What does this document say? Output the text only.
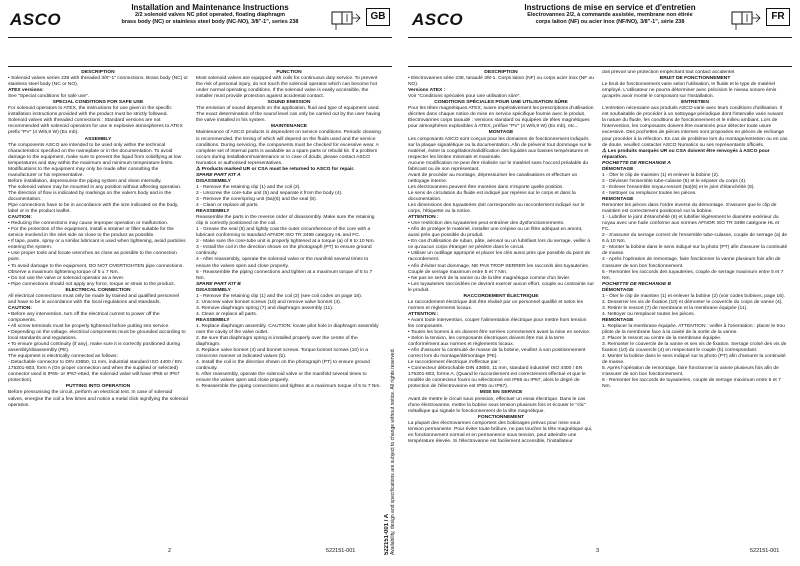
ASCO
Installation and Maintenance Instructions
2/2 solenoid valves NC pilot operated, floating diaphragm
brass body (NC) or stainless steel body (NC-NO), 3/8"-1", series 238	GB

DESCRIPTION

• Solenoid valves series 238 with threaded 3/8"-1" connections. Brass body (NC) or stainless steel body (NC or NO).

ATEX versions:

See "Special conditions for safe use".

SPECIAL CONDITIONS FOR SAFE USE

For solenoid operators to ATEX, the instructions for use given in the specific installation instructions provided with the product must be strictly followed.

Solenoid valves with threaded connections : Standard versions are not recommended with solenoid operators for use in explosive atmospheres to ATEX prefix "PV" (4 W/6,9 W) (Ex mb).

ASSEMBLY

The components ASCO are intended to be used only within the technical characteristics specified on the nameplate or in the documentation. To avoid damage to the equipment, make sure to prevent the liquid from solidifying at low temperatures and stay within the maximum and minimum temperature limits. Modifications to the equipment may only be made after consulting the manufacturer or his representative.

Before installation, depressurise the piping system and clean internally.

The solenoid valves may be mounted in any position without affecting operation.

The direction of flow is indicated by markings on the valve's body and in the documentation.

Pipe connections have to be in accordance with the size indicated on the body, label or in the product leaflet.

CAUTION:

• Reducing the connections may cause improper operation or malfunction.

• For the protection of the equipment, install a strainer or filter suitable for the service involved in the inlet side as close to the product as possible.

• If tape, paste, spray or a similar lubricant is used when tightening, avoid particles entering the system.

• Use proper tools and locate wrenches as close as possible to the connection point.

• To avoid damage to the equipment, DO NOT OVERTIGHTEN pipe connections. Observe a maximum tightening torque of 5 ± 7 Nm.

• Do not use the valve or solenoid operator as a lever.

• Pipe connections should not apply any force, torque or strain to the product.

ELECTRICAL CONNECTION

All electrical connections must only be made by trained and qualified personnel and have to be in accordance with the local regulations and standards.

CAUTION:

• Before any intervention, turn off the electrical current to power off the components.

• All screw terminals must be properly tightened before putting into service.

• Depending on the voltage, electrical components must be grounded according to local standards and regulations.

• To ensure ground continuity (if any), make sure it is correctly positioned during assembly/disassembly (PE).

The equipment is electrically connected as follows:

- Detachable connector to DIN 43650, 11 mm, industrial standard ISO 4400 / EN 175301-803, form A (On proper connection and when the supplied or selected) connector used is IP65- or IP67-etted, the solenoid valve will have IP65 or IP67 protection).

PUTTING INTO OPERATION

Before pressurising the circuit, perform an electrical test. In case of solenoid valves, energise the coil a few times and notice a metal click signifying the solenoid operation.

FUNCTION

Most solenoid valves are equipped with coils for continuous duty service. To prevent the risk of personal injury, do not touch the solenoid operator which can become hot under normal operating conditions. If the solenoid valve is easily accessible, the installer must provide protection against accidental contact.

SOUND EMISSION

The emission of sound depends on the application, fluid and type of equipment used. The exact determination of the sound level can only be carried out by the user having the valve installed in his system.

MAINTENANCE

Maintenance of ASCO products is dependent on service conditions. Periodic cleaning is recommended, the timing of which will depend on the fluids used and the service conditions. During servicing, the components must be checked for excessive wear. A complete set of internal parts is available as a spare parts or rebuild kit. If a problem occurs during installation/maintenance or in case of doubt, please contact ASCO Numatics or authorised representatives.

⚠ Products marked UR or CSA must be returned to ASCO for repair.

SPARE PART KIT A

DISASSEMBLY

1 - Remove the retaining clip (1) and the coil (2).

2 - Unscrew the core-tube unit (5) and separate it from the body (4).

3 - Remove the core/spring unit (5a)(6) and the seal (8).

4 - Clean or replace all parts.

REASSEMBLY

Reassemble the parts in the reverse order of disassembly. Make sure the retaining clip is correctly positioned on the coil.

1 - Grease the seal (8) and lightly coat the outer circumference of the core with a lubricant conforming to standard AFNOR ISO TR 3498 category HL and FC.

2 - Make sure the core-tube unit is properly tightened at a torque (a) of 6 to 10 Nm.

3 - Install the coil in the direction shown on the photograph (PT) to ensure ground continuity.

4 - After reassembly, operate the solenoid valve or the manifold several times to ensure the valves open and close properly.

5 - Reassemble the piping connections and tighten at a maximum torque of 5 to 7 Nm.

SPARE PART KIT B

DISASSEMBLY

1 - Remove the retaining clip (1) and the coil (2) (see coil codes on page 16).

2. Unscrew valve bonnet screws (10) and remove valve bonnet (4).

3. Remove diaphragm spring (7) and diaphragm assembly (11).

4. Clean or replace all parts.

REASSEMBLY

1. Replace diaphragm assembly. CAUTION: locate pilot hole in diaphragm assembly over the cavity of the valve outlet.

2. Be sure that diaphragm spring is installed properly over the centre of the diaphragm.

3. Replace valve bonnet (4) and bonnet screws. Torque bonnet screws (10) in a crisscross manner at indicated values (b).

4. Install the coil in the direction shown on the photograph (PT) to ensure ground continuity.

5. After reassembly, operate the solenoid valve or the manifold several times to ensure the valves open and close properly.

6. Reassemble the piping connections and tighten at a maximum torque of 5 to 7 Nm.

522151-001 / A
Availability, design and specifications are subject to change without notice. All rights reserved.
2	522151-001
ASCO
Instructions de mise en service et d'entretien
Electrovannes 2/2, à commande assistée, membrane non étirée
corps laiton (NF) ou acier inox (NF/NO), 3/8"-1", série 238	FR

DESCRIPTION

• Electrovannes série 238, taraudé 3/8-1. Corps laiton (NF) ou corps acier inox (NF ou NO).

Versions ATEX :

Voir "Conditions spéciales pour une utilisation sûre".

CONDITIONS SPÉCIALES POUR UNE UTILISATION SÛRE

Pour les têtes magnétiques ATEX, suivre impérativement les prescriptions d'utilisation décrites dans chaque notice de mise en service spécifique fournie avec le produit.

Electrovannes corps taraudé : Versions standard ou équipées de têtes magnétiques pour atmosphères explosibles à ATEX, préfixe "PV" (4 W/6,9 W) (Ex mb), etc...

MONTAGE

Les composants ASCO sont conçus pour les domaines de fonctionnement indiqués sur la plaque signalétique ou la documentation. Afin de prévenir tout dommage sur le matériel, éviter la congélation/solidification des liquides aux basses températures et respecter les limites minimale et maximale.

Aucune modification ne peut être réalisée sur le matériel sans l'accord préalable du fabricant ou de son représentant.

Avant de procéder au montage, dépressuriser les canalisations et effectuer un nettoyage interne.

Les électrovannes peuvent être montées dans n'importe quelle position.

Le sens de circulation du fluide est indiqué par repères sur le corps et dans la documentation.

Les dimensions des tuyauteries doit correspondre au raccordement indiqué sur le corps, l'étiquette ou la notice.

ATTENTION :

• Une restriction des tuyauteries peut entraîner des dysfonctionnements.

• Afin de protéger le matériel, installer une crépine ou un filtre adéquat en amont, aussi près que possible du produit.

• En cas d'utilisation de ruban, pâte, aérosol ou un lubrifiant lors du serrage, veiller à ce qu'aucun corps étranger ne pénètre dans le circuit.

• Utiliser un outillage approprié et placer les clés aussi près que possible du point de raccordement.

• Afin d'éviter tout dommage, NE PAS TROP SERRER les raccords des tuyauteries. Couple de serrage maximum entre 5 et 7 Nm.

• Ne pas se servir de la vanne ou de la tête magnétique comme d'un levier.

• Les tuyauteries raccordées ne devront exercer aucun effort, couple ou contrainte sur le produit.

RACCORDEMENT ÉLECTRIQUE

Le raccordement électrique doit être réalisé par un personnel qualifié et selon les normes et règlements locaux.

ATTENTION :

• Avant toute intervention, couper l'alimentation électrique pour mettre hors tension les composants.

• Toutes les bornes à vis doivent être serrées correctement avant la mise en service.

• Selon la tension, les composants électriques doivent être mis à la terre conformément aux normes et règlements locaux.

• Afin d'assurer la continuité de masse de la bobine, veuillez à son positionnement correct lors du montage/démontage (PE).

Le raccordement électrique s'effectue par :

• Connecteur débrochable DIN 43650, 11 mm, standard industriel ISO 4400 / EN 175301-803, forme A. (Quand le raccordement est correctement effectué et que le modèle de connecteur fourni ou sélectionné est IP65 ou IP67, alors le degré de protection de l'électrovanne est IP65 ou IP67).

MISE EN SERVICE

Avant de mettre le circuit sous pression, effectuer un essai électrique. Dans le cas d'une électrovanne, mettre la bobine sous tension plusieurs fois et écouter le "clic" métallique qui signale le fonctionnement de la tête magnétique.

FONCTIONNEMENT

La plupart des électrovannes comportent des bobinages prévus pour mise sous tension permanente. Pour éviter toute brûlure, ne pas toucher la tête magnétique qui, en fonctionnement normal et en permanence sous tension, peut atteindre une température élevée. Si l'électrovanne est facilement accessible, l'installateur

doit prévoir une protection empêchant tout contact accidentel.

BRUIT DE FONCTIONNEMENT

Le bruit de fonctionnement varie selon l'utilisation, le fluide et le type de matériel employé. L'utilisateur ne pourra déterminer avec précision le niveau sonore émis qu'après avoir monté le composant sur l'installation.

ENTRETIEN

L'entretien nécessaire aux produits ASCO varie avec leurs conditions d'utilisation. Il est souhaitable de procéder à un nettoyage périodique dont l'intervalle varie suivant la nature du fluide, les conditions de fonctionnement et le milieu ambiant. Lors de l'intervention, les composants doivent être examinés pour détecter toute usure excessive. Des pochettes de pièces internes sont proposées en pièces de rechange pour procéder à la réfection. En cas de problème lors du montage/entretien ou en cas de doute, veuillez contacter ASCO Numatics ou ses représentants officiels.

⚠ Les produits marqués UR ou CSA doivent être renvoyés à ASCO pour réparation.

POCHETTE DE RECHANGE A

DÉMONTAGE

1 - Ôter le clip de maintien (1) et enlever la bobine (2).

2 - Dévisser l'ensemble tube-culasse (5) et le séparer du corps (4).

3 - Enlever l'ensemble noyau-ressort (5a)(6) et le joint d'étanchéité (8).

4 - Nettoyer ou remplacer toutes les pièces.

REMONTAGE

Remonter les pièces dans l'ordre inverse du démontage. S'assurer que le clip de maintien est correctement positionné sur la bobine.

1 - Lubrifier le joint d'étanchéité (8) et lubrifier légèrement le diamètre extérieur du noyau avec une huile conforme aux normes AFNOR ISO TR 3498 catégorie HL et FC.

2 - S'assurer du serrage correct de l'ensemble tube-culasse, couple de serrage (a) de 6 à 10 Nm.

3 - Monter la bobine dans le sens indiqué sur la photo (PT) afin d'assurer la continuité de masse.

4 - Après l'opération de remontage, faire fonctionner la vanne plusieurs fois afin de s'assurer de son bon fonctionnement.

5 - Remonter les raccords des tuyauteries, couple de serrage maximum entre 5 et 7 Nm.

POCHETTE DE RECHANGE B

DÉMONTAGE

1 - Ôter le clip de maintien (1) et enlever la bobine (2) (voir codes bobines, page 16).

2. Desserrer les vis de fixation (10) et démonter le couvercle du corps de vanne (4).

3. Retirer le ressort (7) de membrane et la membrane équipée (11).

4. Nettoyer ou remplacer toutes les pièces.

REMONTAGE

1. Replacer la membrane équipée. ATTENTION : veiller à l'orientation : placer le trou pilote de la membrane face à la cavité de la sortie de la vanne.

2. Placer le ressort au centre de la membrane équipée.

3. Remonter le couvercle de la vanne et ses vis de fixation. Serrage croisé des vis de fixation (10) du couvercle (4) en respectant le couple (b) correspondant.

4. Monter la bobine dans le sens indiqué sur la photo (PT) afin d'assurer la continuité de masse.

5. Après l'opération de remontage, faire fonctionner la vanne plusieurs fois afin de s'assurer de son bon fonctionnement.

6 - Remonter les raccords de tuyauteries, couple de serrage maximum entre 5 et 7 Nm.

3	522151-001
